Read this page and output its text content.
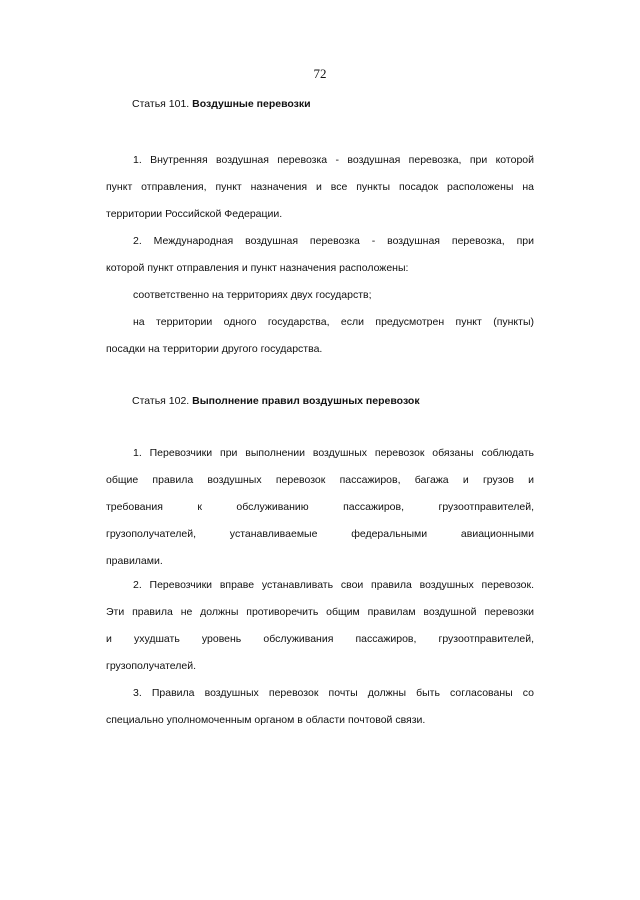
72
Статья 101. Воздушные перевозки
1. Внутренняя воздушная перевозка - воздушная перевозка, при которой
пункт отправления, пункт назначения и все пункты посадок расположены на
территории Российской Федерации.
2. Международная воздушная перевозка - воздушная перевозка, при
которой пункт отправления и пункт назначения расположены:
соответственно на территориях двух государств;
на территории одного государства, если предусмотрен пункт (пункты)
посадки на территории другого государства.
Статья 102. Выполнение правил воздушных перевозок
1. Перевозчики при выполнении воздушных перевозок обязаны соблюдать
общие правила воздушных перевозок пассажиров, багажа и грузов и
требования к обслуживанию пассажиров, грузоотправителей,
грузополучателей, устанавливаемые федеральными авиационными
правилами.
2. Перевозчики вправе устанавливать свои правила воздушных перевозок.
Эти правила не должны противоречить общим правилам воздушной перевозки
и ухудшать уровень обслуживания пассажиров, грузоотправителей,
грузополучателей.
3. Правила воздушных перевозок почты должны быть согласованы со
специально уполномоченным органом в области почтовой связи.
